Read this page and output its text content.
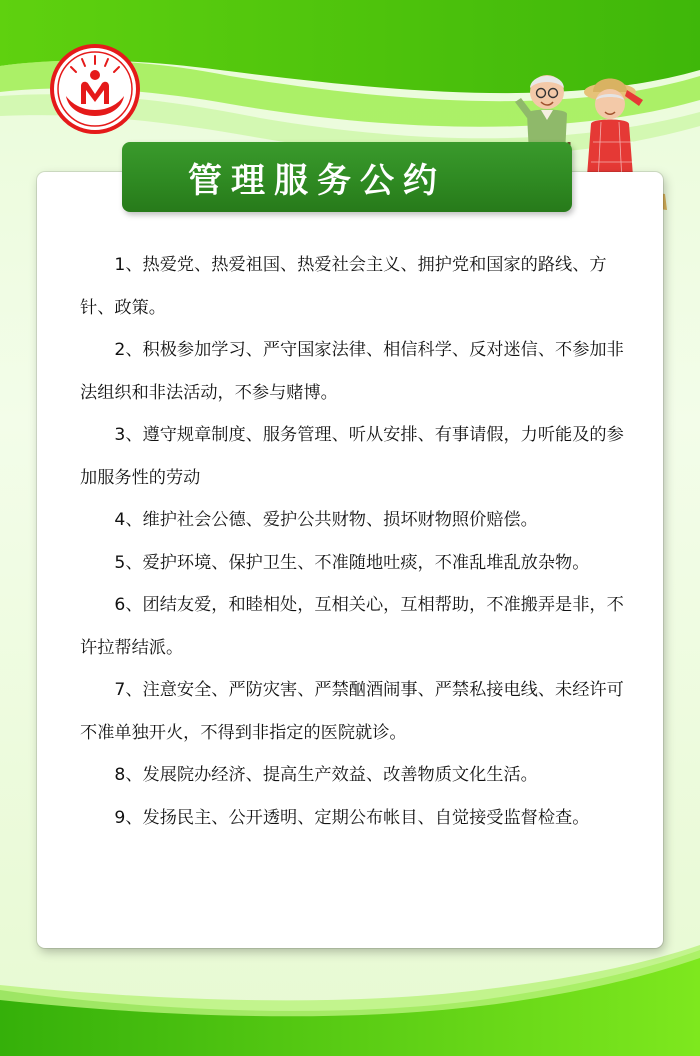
管理服务公约

1、热爱党、热爱祖国、热爱社会主义、拥护党和国家的路线、方针、政策。

2、积极参加学习、严守国家法律、相信科学、反对迷信、不参加非法组织和非法活动，不参与赌博。

3、遵守规章制度、服务管理、听从安排、有事请假，力听能及的参加服务性的劳动

4、维护社会公德、爱护公共财物、损坏财物照价赔偿。

5、爱护环境、保护卫生、不准随地吐痰，不准乱堆乱放杂物。

6、团结友爱，和睦相处，互相关心，互相帮助，不准搬弄是非，不许拉帮结派。

7、注意安全、严防灾害、严禁酗酒闹事、严禁私接电线、未经许可不准单独开火，不得到非指定的医院就诊。

8、发展院办经济、提高生产效益、改善物质文化生活。

9、发扬民主、公开透明、定期公布帐目、自觉接受监督检查。
